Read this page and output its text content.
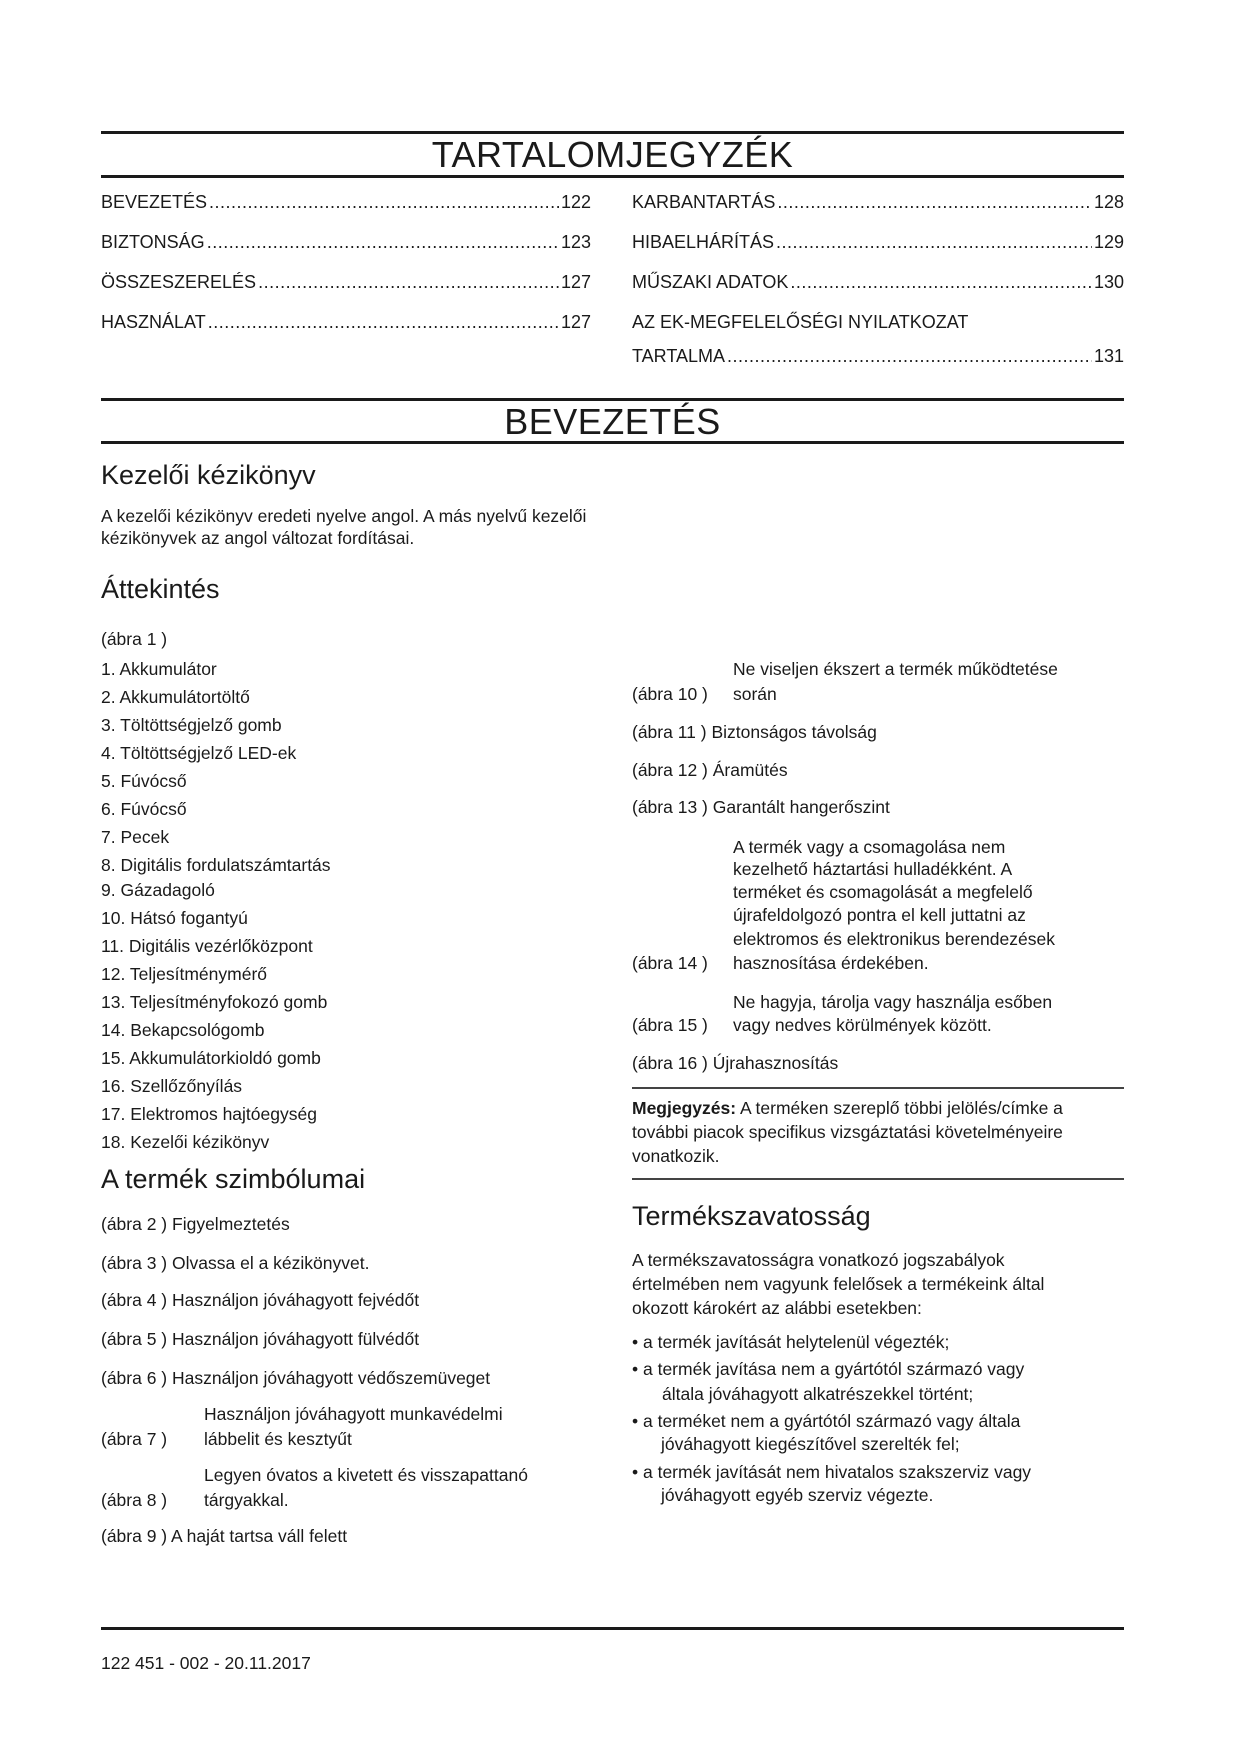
TARTALOMJEGYZÉK
BEVEZETÉS .....	122
BIZTONSÁG .....	123
ÖSSZESZERELÉS .....	127
HASZNÁLAT .....	127
KARBANTARTÁS .....	128
HIBAELHÁRÍTÁS .....	129
MŰSZAKI ADATOK .....	130
AZ EK-MEGFELELŐSÉGI NYILATKOZAT
TARTALMA .....	131
BEVEZETÉS
Kezelői kézikönyv
A kezelői kézikönyv eredeti nyelve angol. A más nyelvű kezelői kézikönyvek az angol változat fordításai.
Áttekintés
(ábra 1 )
1. Akkumulátor
2. Akkumulátortöltő
3. Töltöttségjelző gomb
4. Töltöttségjelző LED-ek
5. Fúvócső
6. Fúvócső
7. Pecek
8. Digitális fordulatszámtartás
9. Gázadagoló
10. Hátsó fogantyú
11. Digitális vezérlőközpont
12. Teljesítménymérő
13. Teljesítményfokozó gomb
14. Bekapcsológomb
15. Akkumulátorkioldó gomb
16. Szellőzőnyílás
17. Elektromos hajtóegység
18. Kezelői kézikönyv
A termék szimbólumai
(ábra 2 ) Figyelmeztetés
(ábra 3 ) Olvassa el a kézikönyvet.
(ábra 4 ) Használjon jóváhagyott fejvédőt
(ábra 5 ) Használjon jóváhagyott fülvédőt
(ábra 6 ) Használjon jóváhagyott védőszemüveget
Használjon jóváhagyott munkavédelmi
(ábra 7 ) lábbelit és kesztyűt
Legyen óvatos a kivetett és visszapattanó
(ábra 8 ) tárgyakkal.
(ábra 9 ) A haját tartsa váll felett
Ne viseljen ékszert a termék működtetése
(ábra 10 ) során
(ábra 11 ) Biztonságos távolság
(ábra 12 ) Áramütés
(ábra 13 ) Garantált hangerőszint
A termék vagy a csomagolása nem
kezelhető háztartási hulladékként. A
terméket és csomagolását a megfelelő
újrafeldolgozó pontra el kell juttatni az
elektromos és elektronikus berendezések
(ábra 14 ) hasznosítása érdekében.
Ne hagyja, tárolja vagy használja esőben
(ábra 15 ) vagy nedves körülmények között.
(ábra 16 ) Újrahasznosítás
Megjegyzés: A terméken szereplő többi jelölés/címke a
további piacok specifikus vizsgáztatási követelményeire
vonatkozik.
Termékszavatosság
A termékszavatosságra vonatkozó jogszabályok
értelmében nem vagyunk felelősek a termékeink által
okozott károkért az alábbi esetekben:
• a termék javítását helytelenül végezték;
• a termék javítása nem a gyártótól származó vagy
általa jóváhagyott alkatrészekkel történt;
• a terméket nem a gyártótól származó vagy általa
jóváhagyott kiegészítővel szerelték fel;
• a termék javítását nem hivatalos szakszerviz vagy
jóváhagyott egyéb szerviz végezte.
122 451 - 002 - 20.11.2017
